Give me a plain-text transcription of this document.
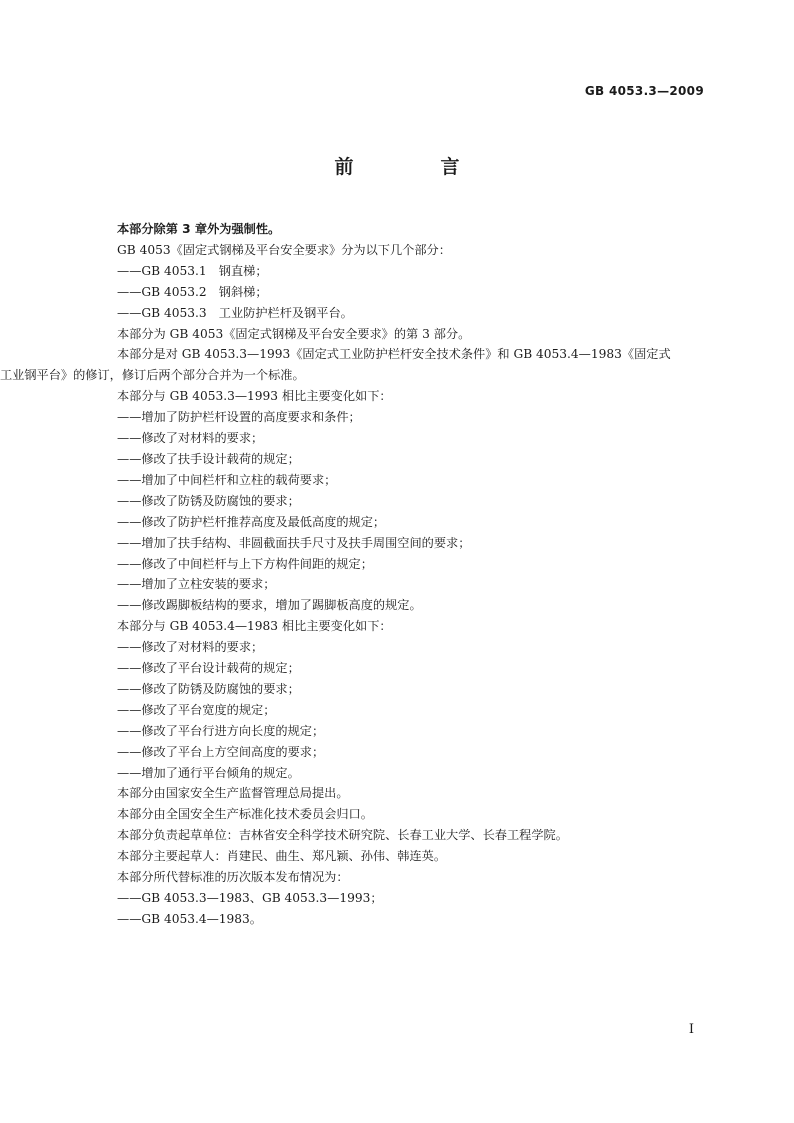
GB 4053.3—2009
前　言

本部分除第 3 章外为强制性。

GB 4053《固定式钢梯及平台安全要求》分为以下几个部分：

——GB 4053.1　钢直梯；

——GB 4053.2　钢斜梯；

——GB 4053.3　工业防护栏杆及钢平台。

本部分为 GB 4053《固定式钢梯及平台安全要求》的第 3 部分。

本部分是对 GB 4053.3—1993《固定式工业防护栏杆安全技术条件》和 GB 4053.4—1983《固定式

工业钢平台》的修订，修订后两个部分合并为一个标准。

本部分与 GB 4053.3—1993 相比主要变化如下：

——增加了防护栏杆设置的高度要求和条件；

——修改了对材料的要求；

——修改了扶手设计载荷的规定；

——增加了中间栏杆和立柱的载荷要求；

——修改了防锈及防腐蚀的要求；

——修改了防护栏杆推荐高度及最低高度的规定；

——增加了扶手结构、非圆截面扶手尺寸及扶手周围空间的要求；

——修改了中间栏杆与上下方构件间距的规定；

——增加了立柱安装的要求；

——修改踢脚板结构的要求，增加了踢脚板高度的规定。

本部分与 GB 4053.4—1983 相比主要变化如下：

——修改了对材料的要求；

——修改了平台设计载荷的规定；

——修改了防锈及防腐蚀的要求；

——修改了平台宽度的规定；

——修改了平台行进方向长度的规定；

——修改了平台上方空间高度的要求；

——增加了通行平台倾角的规定。

本部分由国家安全生产监督管理总局提出。

本部分由全国安全生产标准化技术委员会归口。

本部分负责起草单位：吉林省安全科学技术研究院、长春工业大学、长春工程学院。

本部分主要起草人：肖建民、曲生、郑凡颖、孙伟、韩连英。

本部分所代替标准的历次版本发布情况为：

——GB 4053.3—1983、GB 4053.3—1993；

——GB 4053.4—1983。

I
